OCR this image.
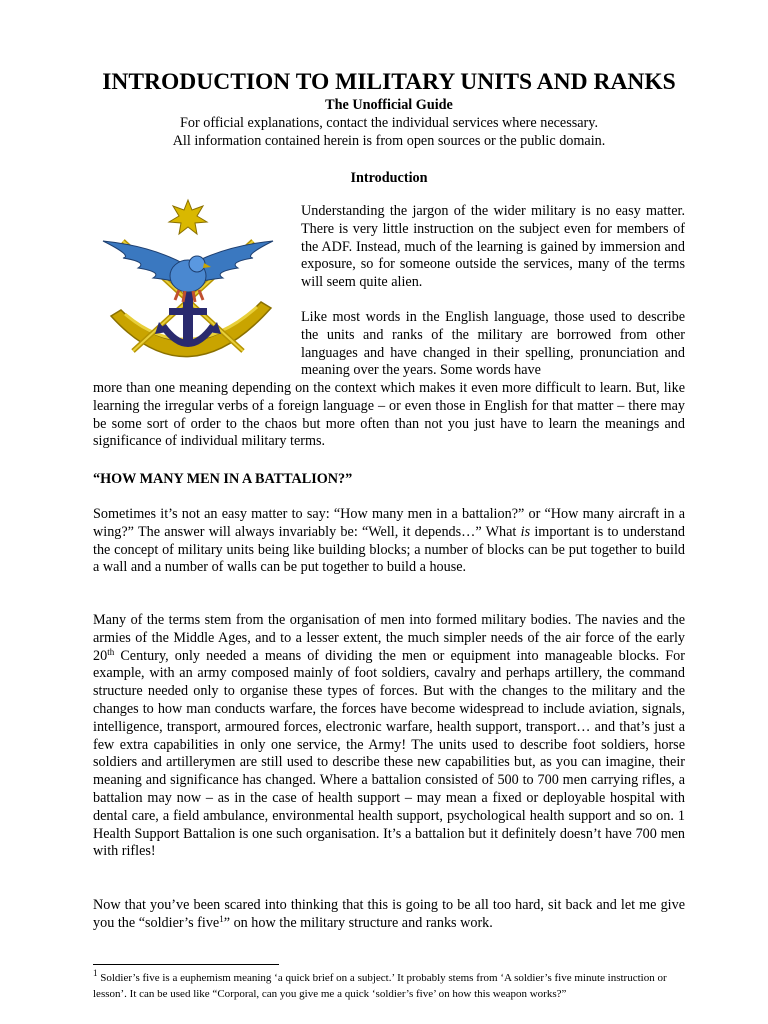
INTRODUCTION TO MILITARY UNITS AND RANKS
The Unofficial Guide
For official explanations, contact the individual services where necessary.
All information contained herein is from open sources or the public domain.
Introduction

Understanding the jargon of the wider military is no easy matter. There is very little instruction on the subject even for members of the ADF. Instead, much of the learning is gained by immersion and exposure, so for someone outside the services, many of the terms will seem quite alien.

Like most words in the English language, those used to describe the units and ranks of the military are borrowed from other languages and have changed in their spelling, pronunciation and meaning over the years. Some words have

more than one meaning depending on the context which makes it even more difficult to learn. But, like learning the irregular verbs of a foreign language – or even those in English for that matter – there may be some sort of order to the chaos but more often than not you just have to learn the meanings and significance of individual military terms.

“HOW MANY MEN IN A BATTALION?”

Sometimes it’s not an easy matter to say: “How many men in a battalion?” or “How many aircraft in a wing?” The answer will always invariably be: “Well, it depends…” What is important is to understand the concept of military units being like building blocks; a number of blocks can be put together to build a wall and a number of walls can be put together to build a house.

Many of the terms stem from the organisation of men into formed military bodies. The navies and the armies of the Middle Ages, and to a lesser extent, the much simpler needs of the air force of the early 20th Century, only needed a means of dividing the men or equipment into manageable blocks. For example, with an army composed mainly of foot soldiers, cavalry and perhaps artillery, the command structure needed only to organise these types of forces. But with the changes to the military and the changes to how man conducts warfare, the forces have become widespread to include aviation, signals, intelligence, transport, armoured forces, electronic warfare, health support, transport… and that’s just a few extra capabilities in only one service, the Army! The units used to describe foot soldiers, horse soldiers and artillerymen are still used to describe these new capabilities but, as you can imagine, their meaning and significance has changed. Where a battalion consisted of 500 to 700 men carrying rifles, a battalion may now – as in the case of health support – may mean a fixed or deployable hospital with dental care, a field ambulance, environmental health support, psychological health support and so on. 1 Health Support Battalion is one such organisation. It’s a battalion but it definitely doesn’t have 700 men with rifles!

Now that you’ve been scared into thinking that this is going to be all too hard, sit back and let me give you the “soldier’s five$^1$” on how the military structure and ranks work.

$^1$ Soldier’s five is a euphemism meaning ‘a quick brief on a subject.’ It probably stems from ‘A soldier’s five minute instruction or lesson’. It can be used like “Corporal, can you give me a quick ‘soldier’s five’ on how this weapon works?”
